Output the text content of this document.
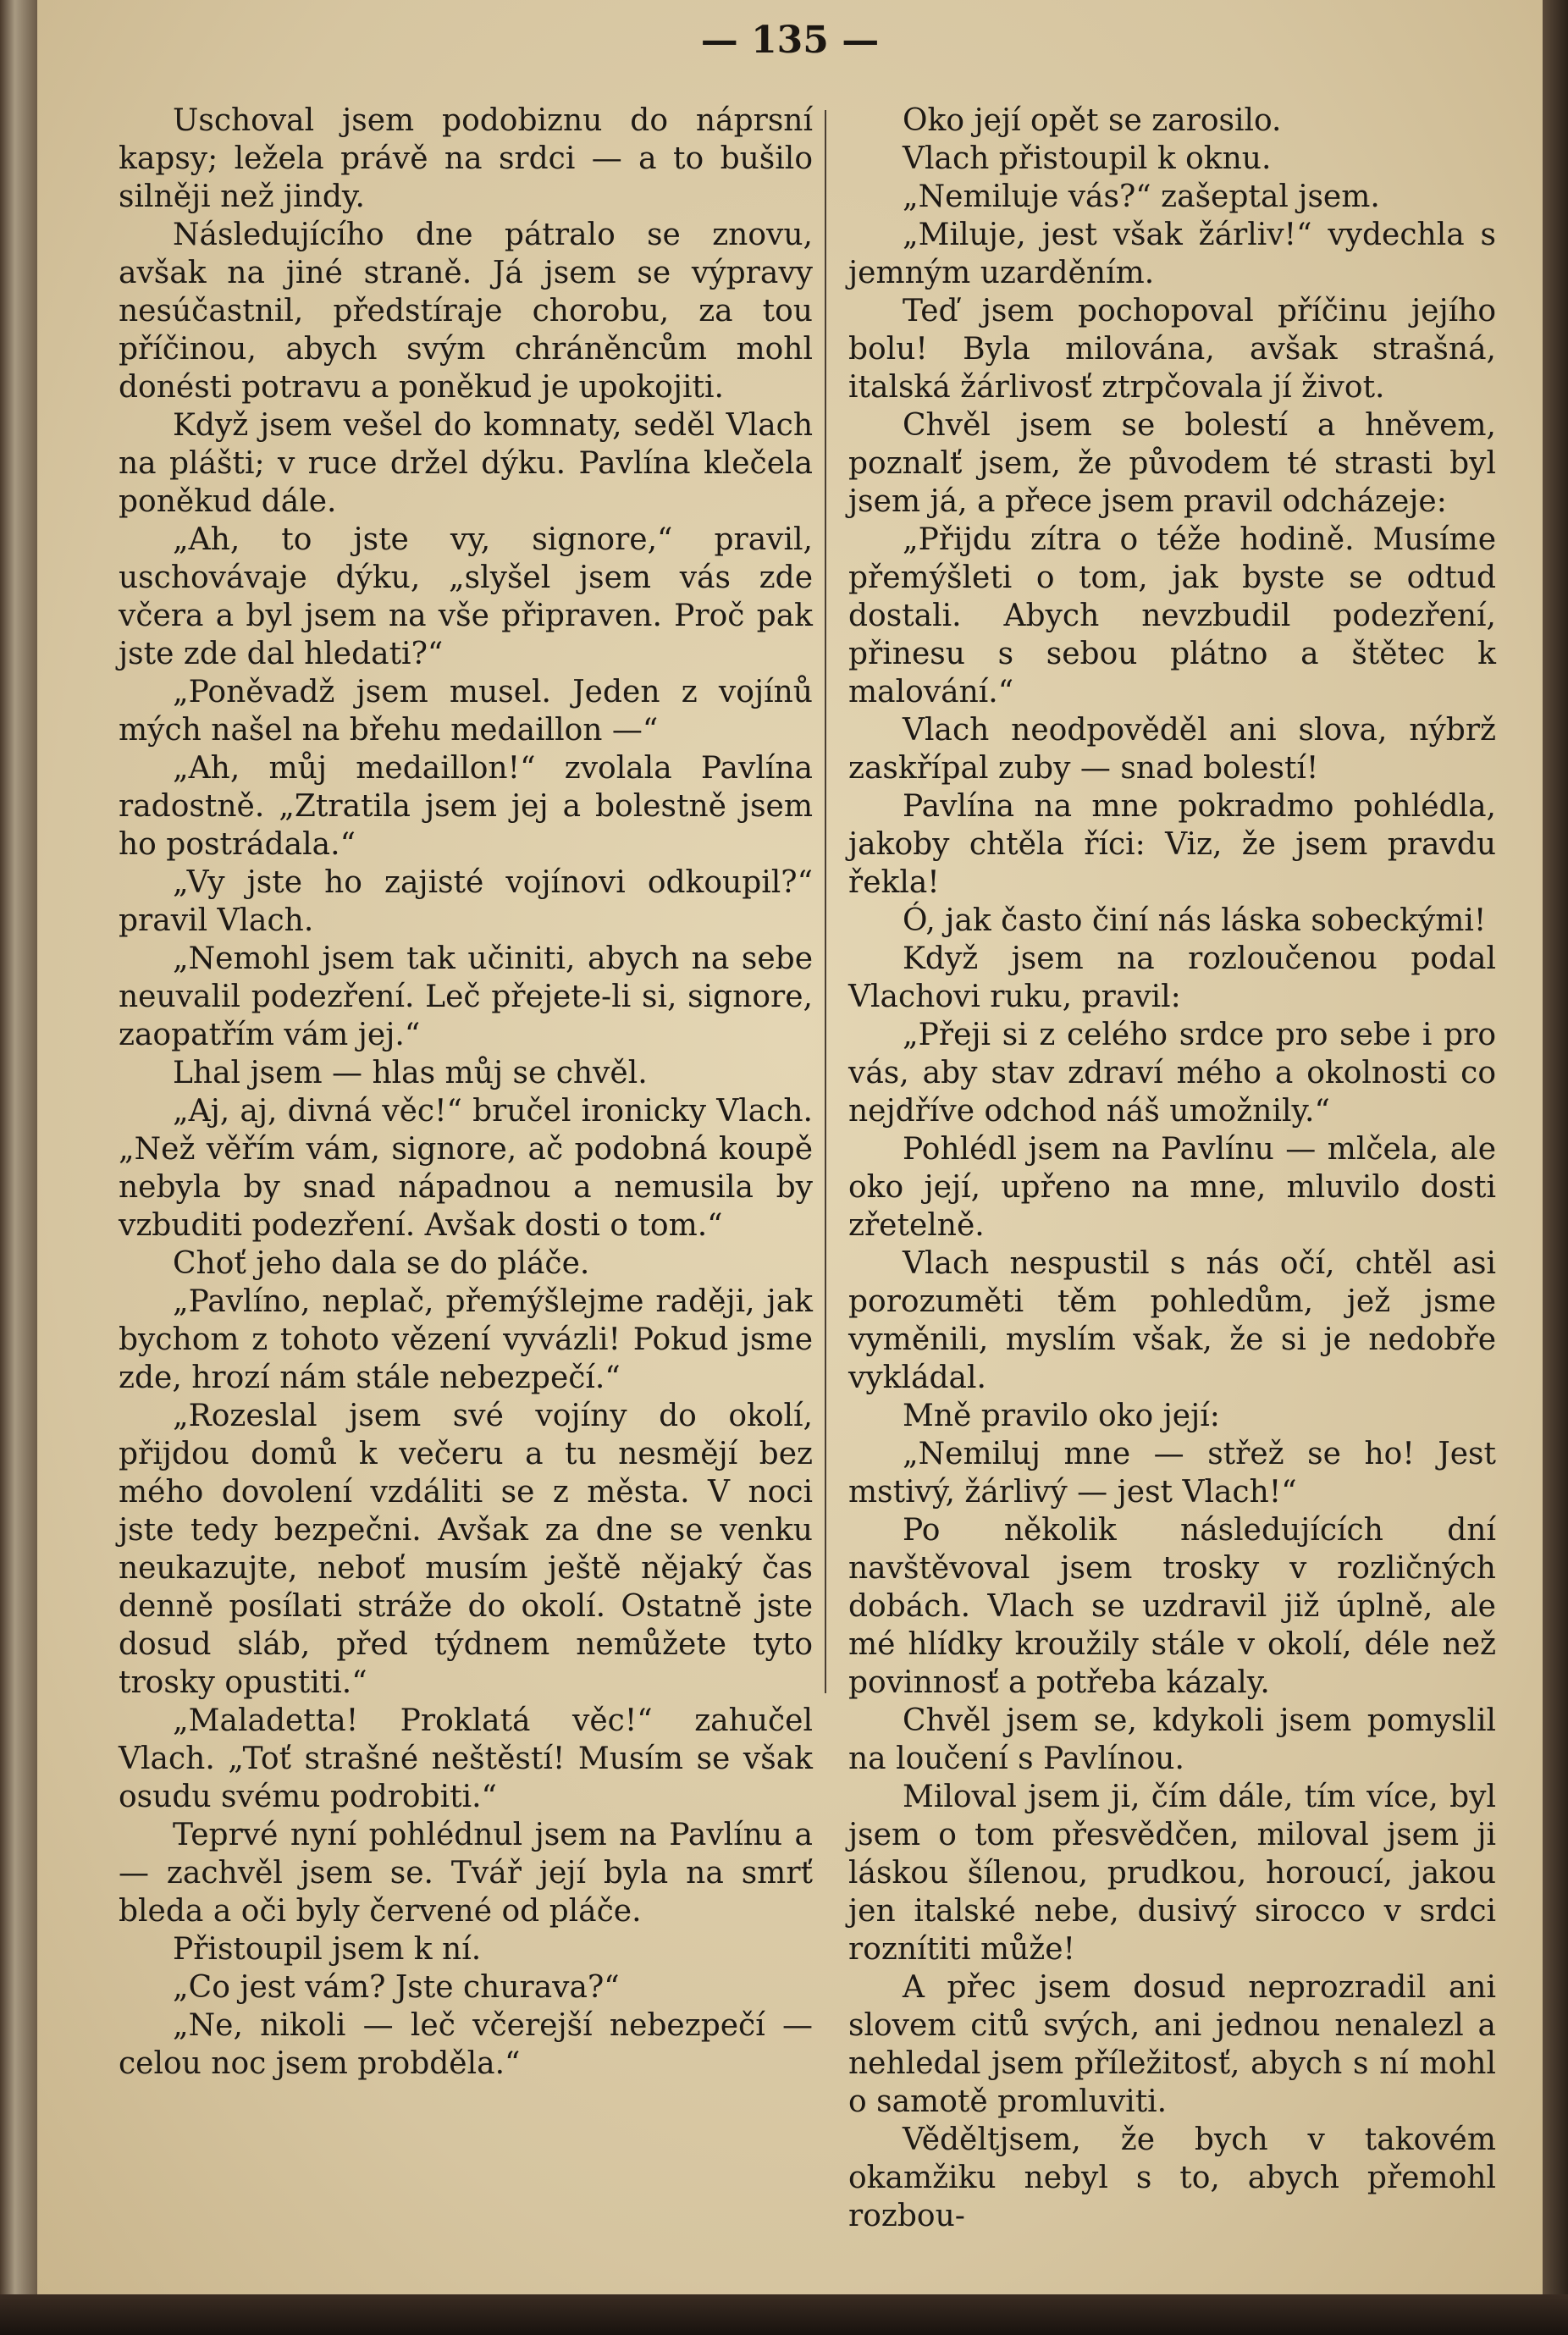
— 135 —

Uschoval jsem podobiznu do náprsní kapsy; ležela právě na srdci — a to bušilo silněji než jindy.

Následujícího dne pátralo se znovu, avšak na jiné straně. Já jsem se výpravy nesúčastnil, předstíraje chorobu, za tou příčinou, abych svým chráněncům mohl donésti potravu a poněkud je upokojiti.

Když jsem vešel do komnaty, seděl Vlach na plášti; v ruce držel dýku. Pavlína klečela poněkud dále.

„Ah, to jste vy, signore,“ pravil, uschovávaje dýku, „slyšel jsem vás zde včera a byl jsem na vše připraven. Proč pak jste zde dal hledati?“

„Poněvadž jsem musel. Jeden z vojínů mých našel na břehu medaillon —“

„Ah, můj medaillon!“ zvolala Pavlína radostně. „Ztratila jsem jej a bolestně jsem ho postrádala.“

„Vy jste ho zajisté vojínovi odkoupil?“ pravil Vlach.

„Nemohl jsem tak učiniti, abych na sebe neuvalil podezření. Leč přejete-li si, signore, zaopatřím vám jej.“

Lhal jsem — hlas můj se chvěl.

„Aj, aj, divná věc!“ bručel ironicky Vlach. „Než věřím vám, signore, ač podobná koupě nebyla by snad nápadnou a nemusila by vzbuditi podezření. Avšak dosti o tom.“

Choť jeho dala se do pláče.

„Pavlíno, neplač, přemýšlejme raději, jak bychom z tohoto vězení vyvázli! Pokud jsme zde, hrozí nám stále nebezpečí.“

„Rozeslal jsem své vojíny do okolí, přijdou domů k večeru a tu nesmějí bez mého dovolení vzdáliti se z města. V noci jste tedy bezpečni. Avšak za dne se venku neukazujte, neboť musím ještě nějaký čas denně posílati stráže do okolí. Ostatně jste dosud sláb, před týdnem nemůžete tyto trosky opustiti.“

„Maladetta! Proklatá věc!“ zahučel Vlach. „Toť strašné neštěstí! Musím se však osudu svému podrobiti.“

Teprvé nyní pohlédnul jsem na Pavlínu a — zachvěl jsem se. Tvář její byla na smrť bleda a oči byly červené od pláče.

Přistoupil jsem k ní.

„Co jest vám? Jste churava?“

„Ne, nikoli — leč včerejší nebezpečí — celou noc jsem probděla.“

Oko její opět se zarosilo.

Vlach přistoupil k oknu.

„Nemiluje vás?“ zašeptal jsem.

„Miluje, jest však žárliv!“ vydechla s jemným uzarděním.

Teď jsem pochopoval příčinu jejího bolu! Byla milována, avšak strašná, italská žárlivosť ztrpčovala jí život.

Chvěl jsem se bolestí a hněvem, poznalť jsem, že původem té strasti byl jsem já, a přece jsem pravil odcházeje:

„Přijdu zítra o téže hodině. Musíme přemýšleti o tom, jak byste se odtud dostali. Abych nevzbudil podezření, přinesu s sebou plátno a štětec k malování.“

Vlach neodpověděl ani slova, nýbrž zaskřípal zuby — snad bolestí!

Pavlína na mne pokradmo pohlédla, jakoby chtěla říci: Viz, že jsem pravdu řekla!

Ó, jak často činí nás láska sobeckými!

Když jsem na rozloučenou podal Vlachovi ruku, pravil:

„Přeji si z celého srdce pro sebe i pro vás, aby stav zdraví mého a okolnosti co nejdříve odchod náš umožnily.“

Pohlédl jsem na Pavlínu — mlčela, ale oko její, upřeno na mne, mluvilo dosti zřetelně.

Vlach nespustil s nás očí, chtěl asi porozuměti těm pohledům, jež jsme vyměnili, myslím však, že si je nedobře vykládal.

Mně pravilo oko její:

„Nemiluj mne — střež se ho! Jest mstivý, žárlivý — jest Vlach!“

Po několik následujících dní navštěvoval jsem trosky v rozličných dobách. Vlach se uzdravil již úplně, ale mé hlídky kroužily stále v okolí, déle než povinnosť a potřeba kázaly.

Chvěl jsem se, kdykoli jsem pomyslil na loučení s Pavlínou.

Miloval jsem ji, čím dále, tím více, byl jsem o tom přesvědčen, miloval jsem ji láskou šílenou, prudkou, horoucí, jakou jen italské nebe, dusivý sirocco v srdci roznítiti může!

A přec jsem dosud neprozradil ani slovem citů svých, ani jednou nenalezl a nehledal jsem příležitosť, abych s ní mohl o samotě promluviti.

Věděltjsem, že bych v takovém okamžiku nebyl s to, abych přemohl rozbou-
